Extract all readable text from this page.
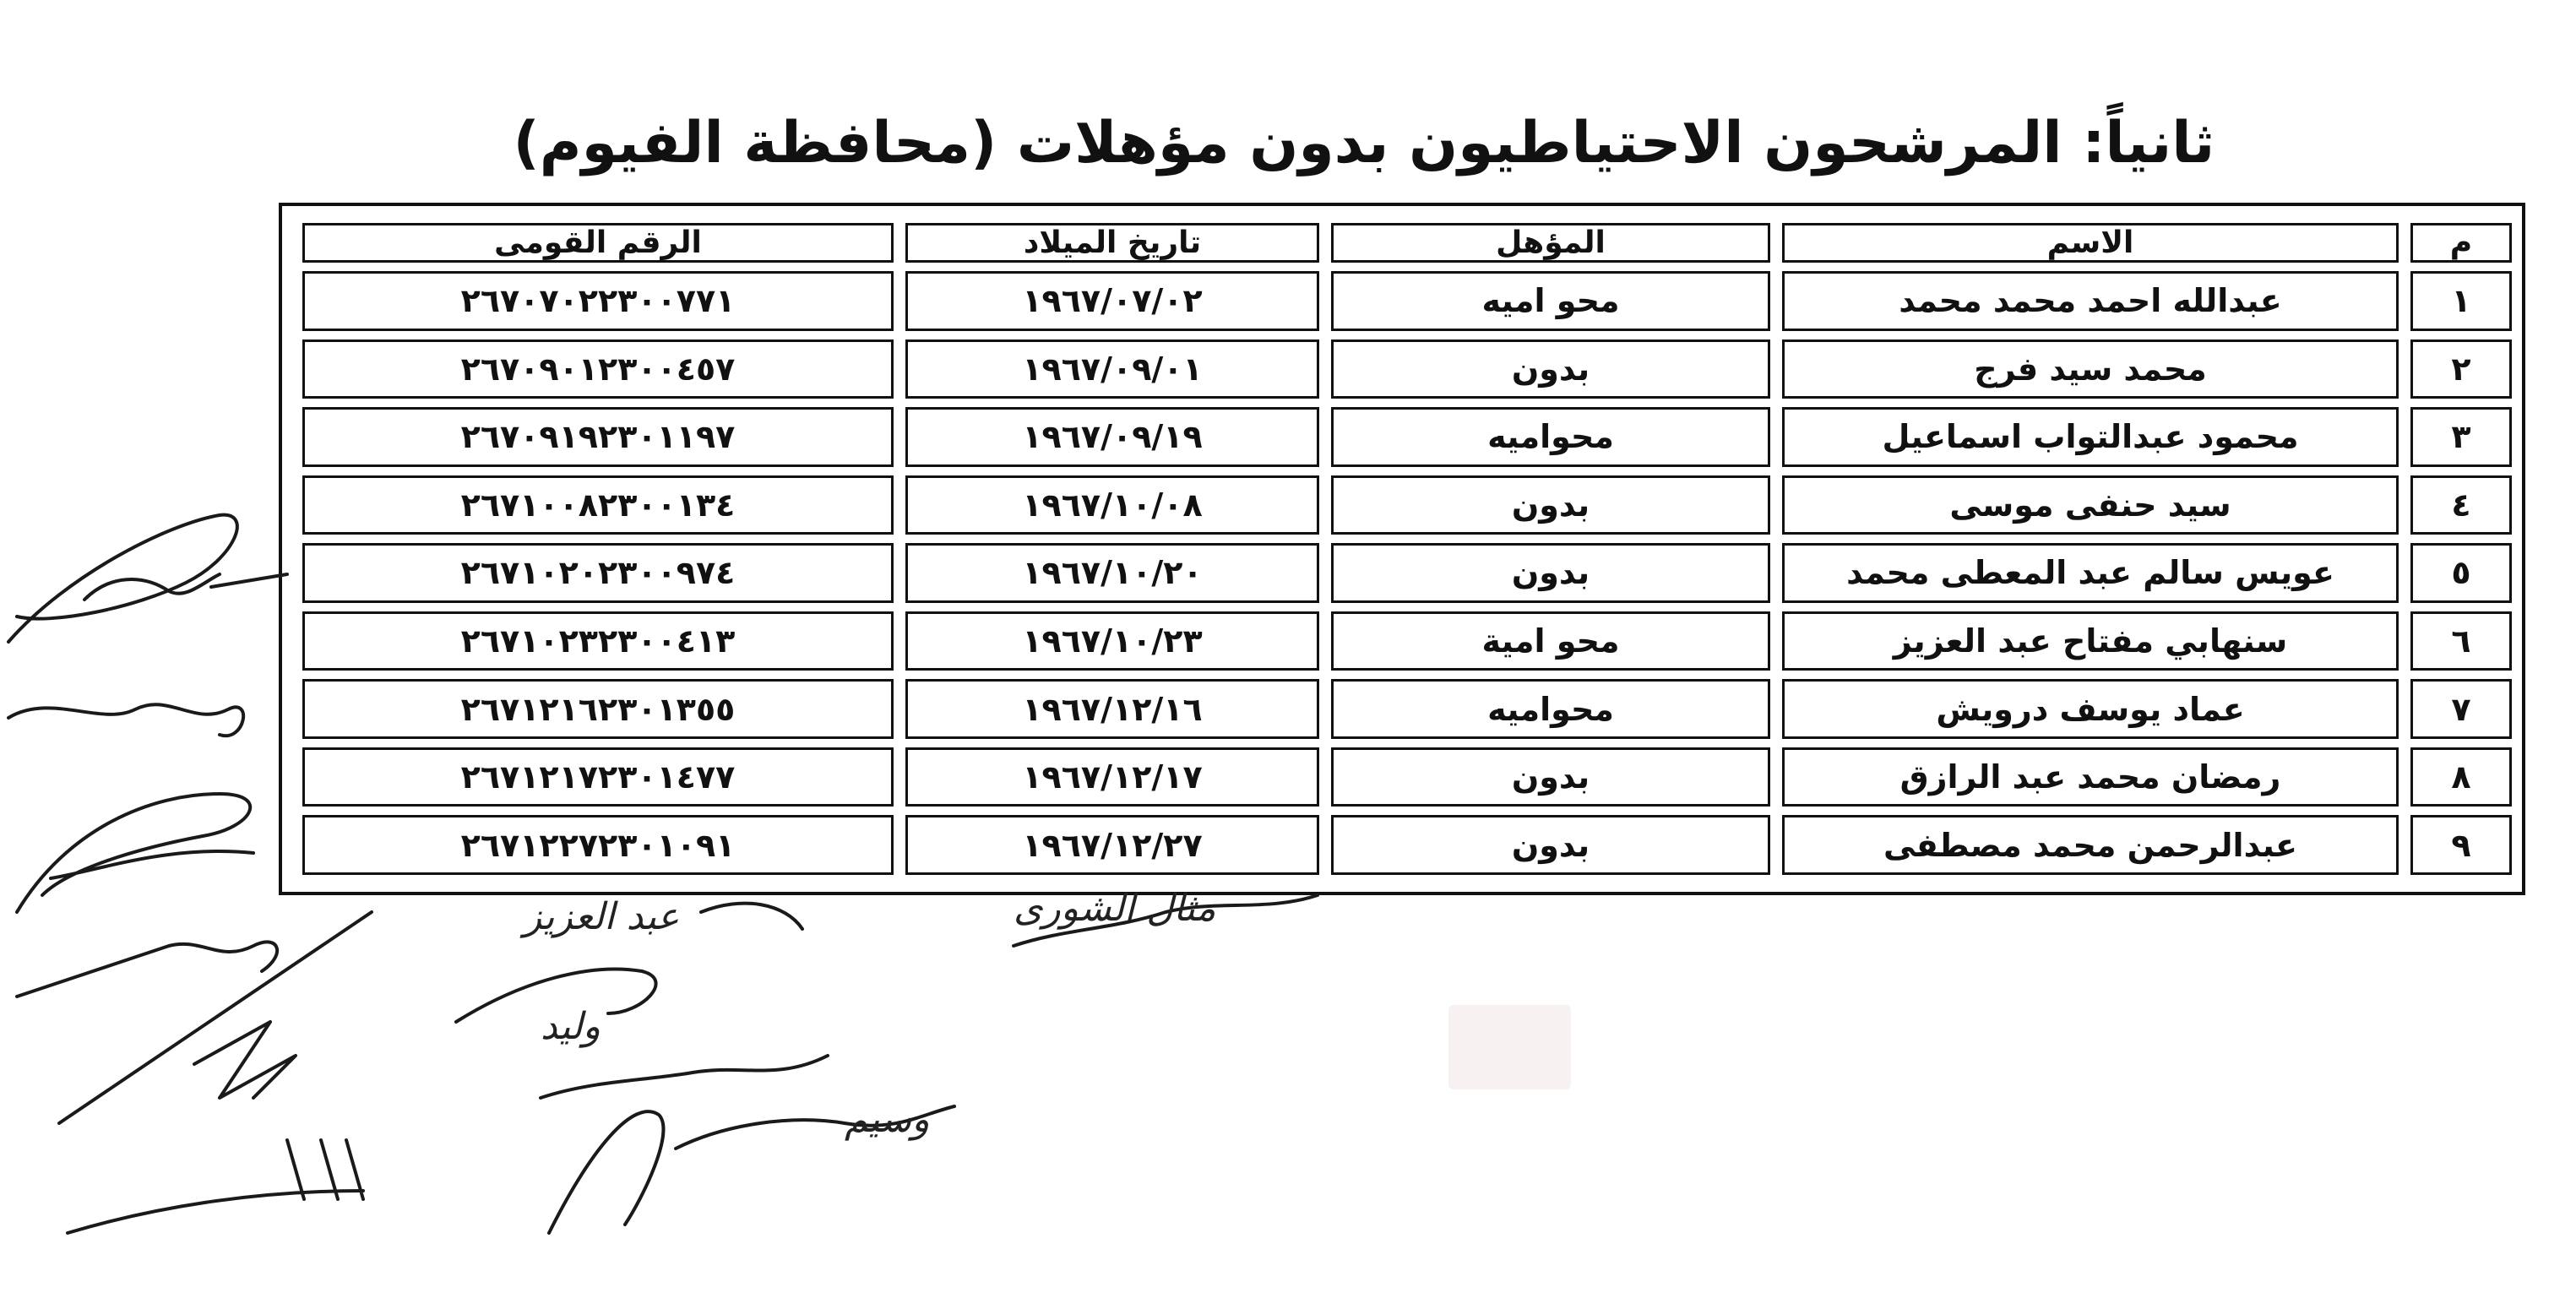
ثانياً: المرشحون الاحتياطيون بدون مؤهلات (محافظة الفيوم)
م	الاسم	المؤهل	تاريخ الميلاد	الرقم القومى
١	عبدالله احمد محمد محمد	محو اميه	١٩٦٧/٠٧/٠٢	٢٦٧٠٧٠٢٢٣٠٠٧٧١
٢	محمد سيد فرج	بدون	١٩٦٧/٠٩/٠١	٢٦٧٠٩٠١٢٣٠٠٤٥٧
٣	محمود عبدالتواب اسماعيل	محواميه	١٩٦٧/٠٩/١٩	٢٦٧٠٩١٩٢٣٠١١٩٧
٤	سيد حنفى موسى	بدون	١٩٦٧/١٠/٠٨	٢٦٧١٠٠٨٢٣٠٠١٣٤
٥	عويس سالم عبد المعطى محمد	بدون	١٩٦٧/١٠/٢٠	٢٦٧١٠٢٠٢٣٠٠٩٧٤
٦	سنهابي مفتاح عبد العزيز	محو امية	١٩٦٧/١٠/٢٣	٢٦٧١٠٢٣٢٣٠٠٤١٣
٧	عماد يوسف درويش	محواميه	١٩٦٧/١٢/١٦	٢٦٧١٢١٦٢٣٠١٣٥٥
٨	رمضان محمد عبد الرازق	بدون	١٩٦٧/١٢/١٧	٢٦٧١٢١٧٢٣٠١٤٧٧
٩	عبدالرحمن محمد مصطفى	بدون	١٩٦٧/١٢/٢٧	٢٦٧١٢٢٧٢٣٠١٠٩١
مثال الشورى
عبد العزيز
وليد
وسيم
